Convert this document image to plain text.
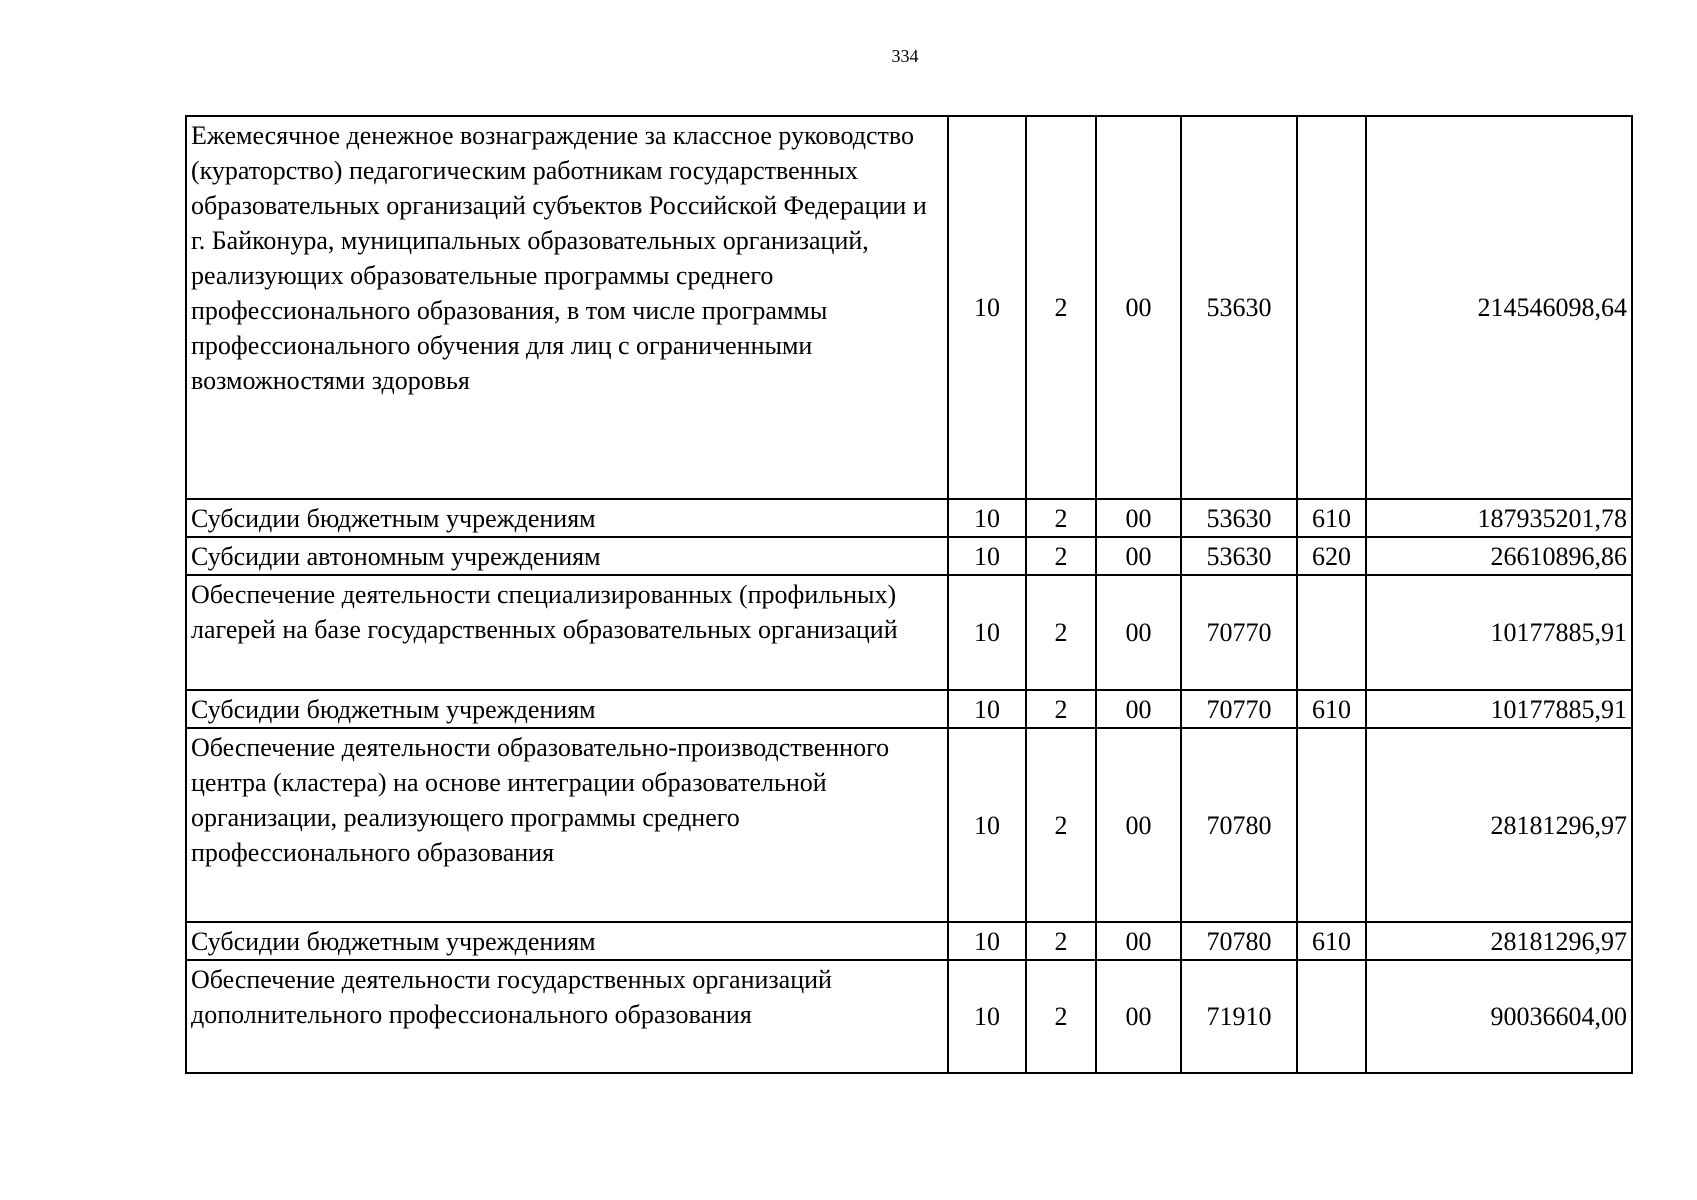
334
Ежемесячное денежное вознаграждение за классное руководство (кураторство) педагогическим работникам государственных образовательных организаций субъектов Российской Федерации и г. Байконура, муниципальных образовательных организаций, реализующих образовательные программы среднего профессионального образования, в том числе программы профессионального обучения для лиц с ограниченными возможностями здоровья	10	2	00	53630		214546098,64
Субсидии бюджетным учреждениям	10	2	00	53630	610	187935201,78
Субсидии автономным учреждениям	10	2	00	53630	620	26610896,86
Обеспечение деятельности специализированных (профильных) лагерей на базе государственных образовательных организаций	10	2	00	70770		10177885,91
Субсидии бюджетным учреждениям	10	2	00	70770	610	10177885,91
Обеспечение деятельности образовательно-производственного центра (кластера) на основе интеграции образовательной организации, реализующего программы среднего профессионального образования	10	2	00	70780		28181296,97
Субсидии бюджетным учреждениям	10	2	00	70780	610	28181296,97
Обеспечение деятельности государственных организаций дополнительного профессионального образования	10	2	00	71910		90036604,00
